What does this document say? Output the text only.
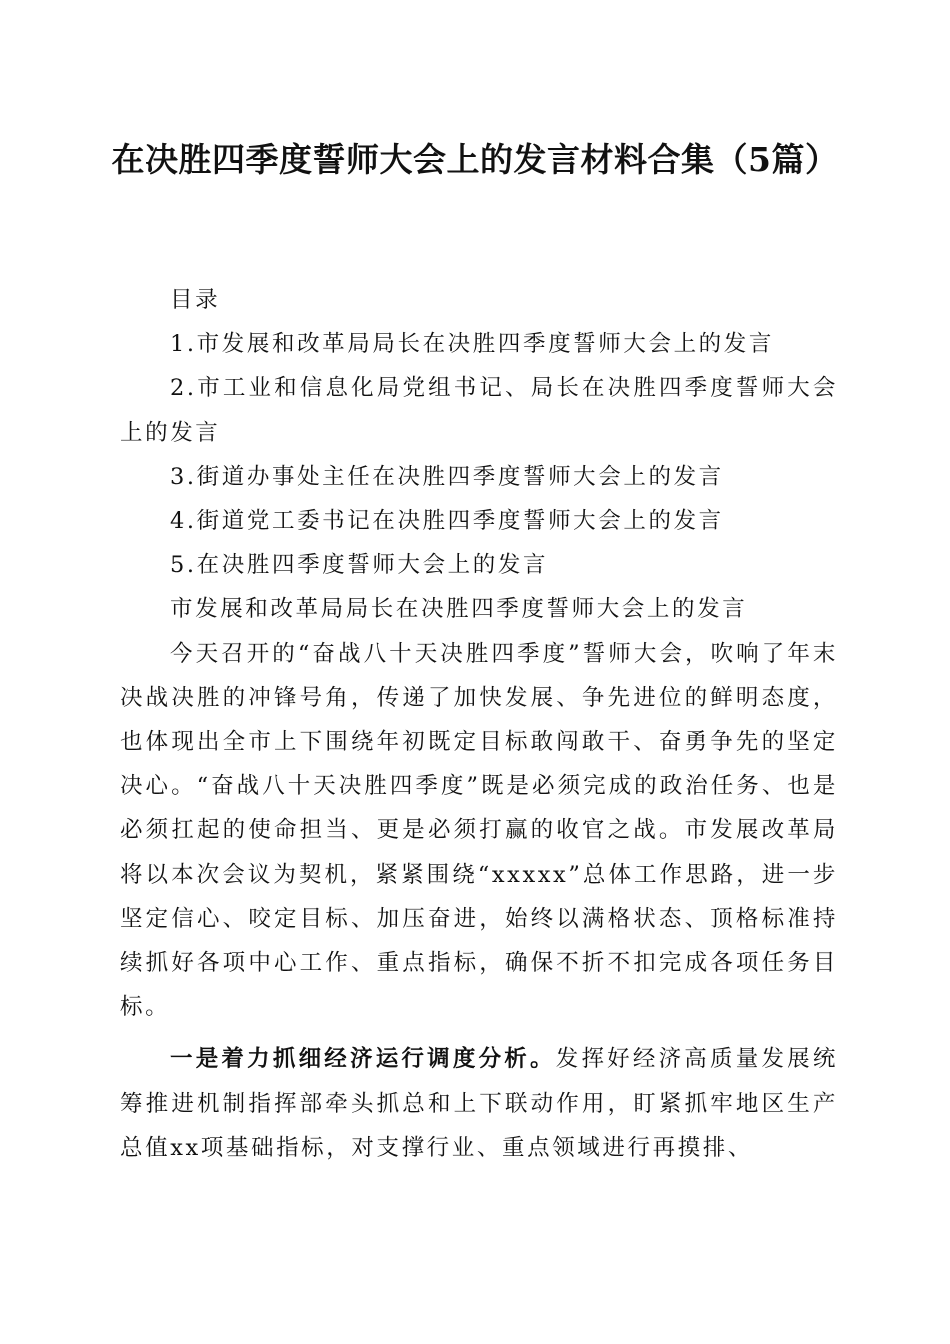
在决胜四季度誓师大会上的发言材料合集（5篇）

目录

1.市发展和改革局局长在决胜四季度誓师大会上的发言

2.市工业和信息化局党组书记、局长在决胜四季度誓师大会上的发言

3.街道办事处主任在决胜四季度誓师大会上的发言

4.街道党工委书记在决胜四季度誓师大会上的发言

5.在决胜四季度誓师大会上的发言

市发展和改革局局长在决胜四季度誓师大会上的发言

今天召开的“奋战八十天决胜四季度”誓师大会，吹响了年末决战决胜的冲锋号角，传递了加快发展、争先进位的鲜明态度，也体现出全市上下围绕年初既定目标敢闯敢干、奋勇争先的坚定决心。“奋战八十天决胜四季度”既是必须完成的政治任务、也是必须扛起的使命担当、更是必须打赢的收官之战。市发展改革局将以本次会议为契机，紧紧围绕“xxxxx”总体工作思路，进一步坚定信心、咬定目标、加压奋进，始终以满格状态、顶格标准持续抓好各项中心工作、重点指标，确保不折不扣完成各项任务目标。

一是着力抓细经济运行调度分析。发挥好经济高质量发展统筹推进机制指挥部牵头抓总和上下联动作用，盯紧抓牢地区生产总值xx项基础指标，对支撑行业、重点领域进行再摸排、
